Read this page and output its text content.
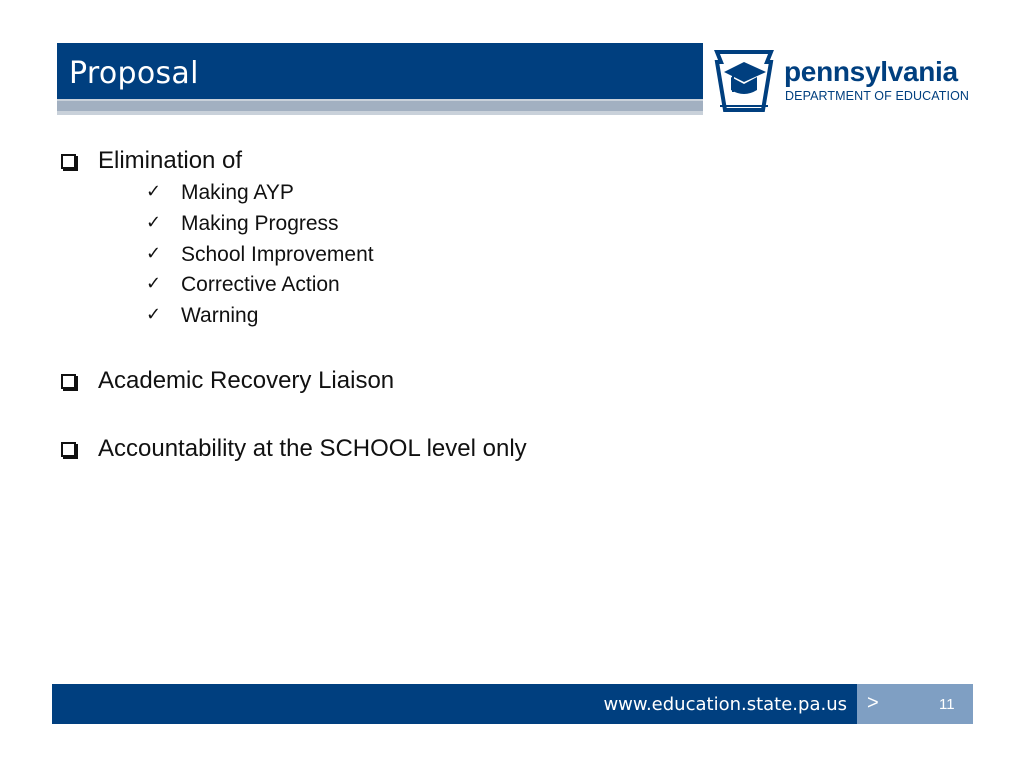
Proposal	pennsylvania
DEPARTMENT OF EDUCATION
Elimination of
✓ Making AYP
✓ Making Progress
✓ School Improvement
✓ Corrective Action
✓ Warning
Academic Recovery Liaison
Accountability at the SCHOOL level only
www.education.state.pa.us >	11
